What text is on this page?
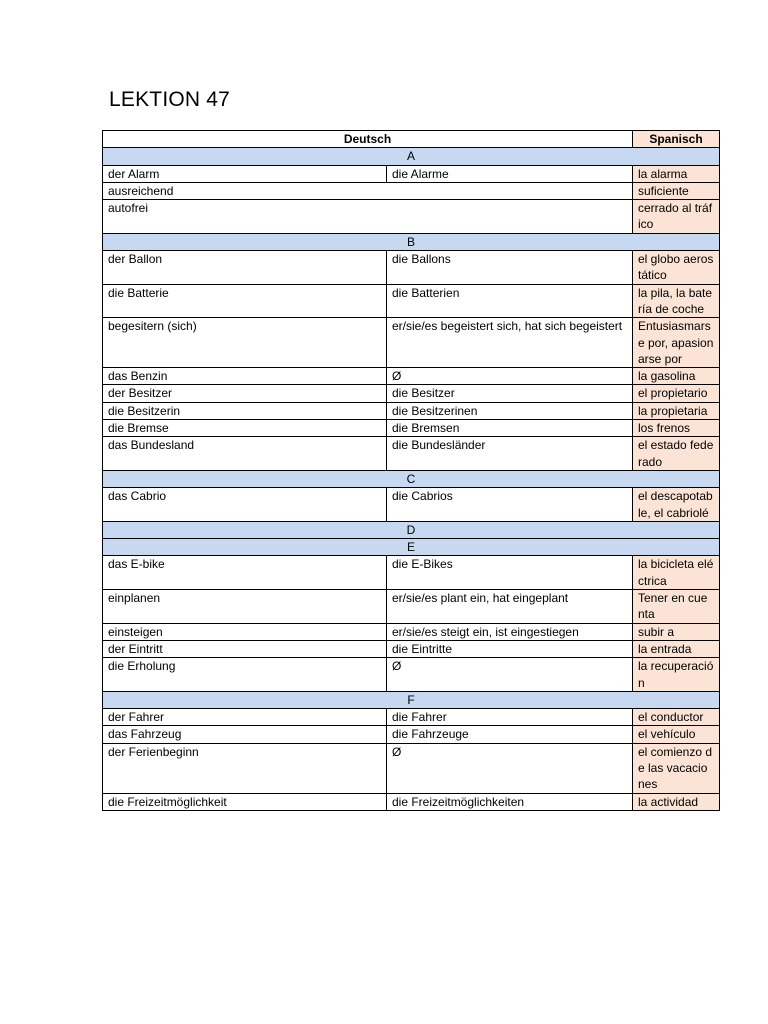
LEKTION 47
Deutsch		Spanisch
A		
der Alarm	die Alarme	la alarma
ausreichend		suficiente
autofrei		cerrado al tráfico
B		
der Ballon	die Ballons	el globo aerostático
die Batterie	die Batterien	la pila, la batería de coche
begesitern (sich)	er/sie/es begeistert sich, hat sich begeistert	Entusiasmarse por, apasionarse por
das Benzin	Ø	la gasolina
der Besitzer	die Besitzer	el propietario
die Besitzerin	die Besitzerinen	la propietaria
die Bremse	die Bremsen	los frenos
das Bundesland	die Bundesländer	el estado federado
C		
das Cabrio	die Cabrios	el descapotable, el cabriolé
D		
E		
das E-bike	die E-Bikes	la bicicleta eléctrica
einplanen	er/sie/es plant ein, hat eingeplant	Tener en cuenta
einsteigen	er/sie/es steigt ein, ist eingestiegen	subir a
der Eintritt	die Eintritte	la entrada
die Erholung	Ø	la recuperación
F		
der Fahrer	die Fahrer	el conductor
das Fahrzeug	die Fahrzeuge	el vehículo
der Ferienbeginn	Ø	el comienzo de las vacaciones
die Freizeitmöglichkeit	die Freizeitmöglichkeiten	la actividad
